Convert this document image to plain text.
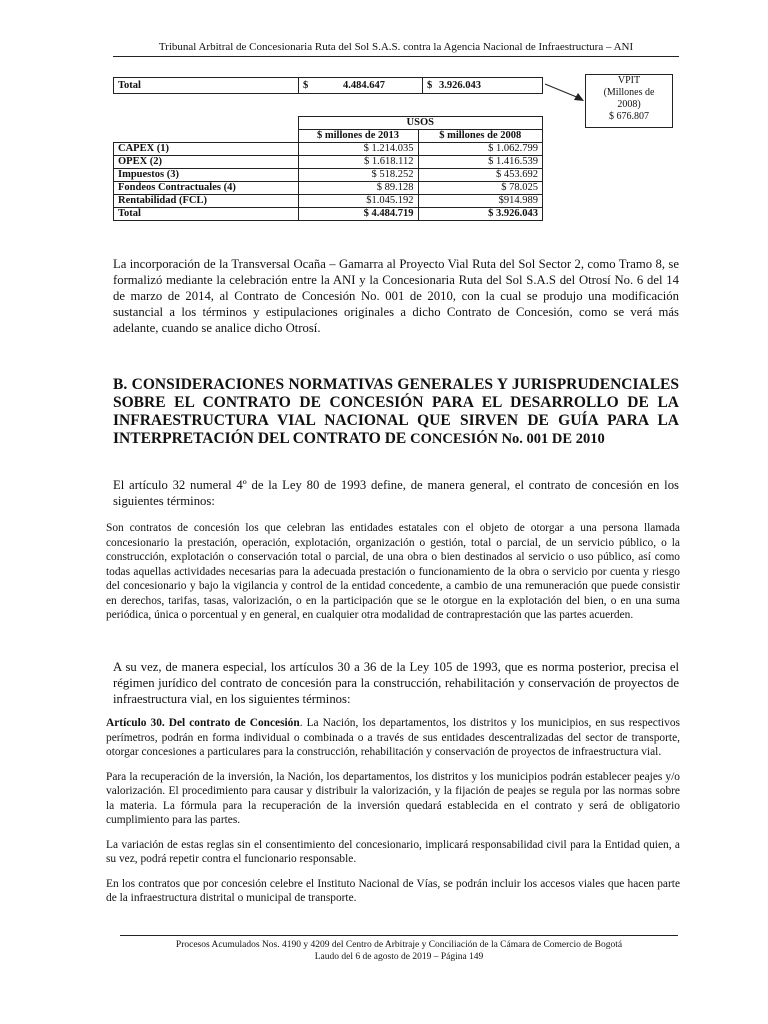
Tribunal Arbitral de Concesionaria Ruta del Sol S.A.S. contra la Agencia Nacional de Infraestructura – ANI
Total	$	4.484.647	$ 3.926.043	VPIT
(Millones de
2008)
$ 676.807
	USOS	
	$ millones de 2013	$ millones de 2008
CAPEX (1)	$ 1.214.035	$ 1.062.799
OPEX (2)	$ 1.618.112	$ 1.416.539
Impuestos (3)	$ 518.252	$ 453.692
Fondeos Contractuales (4)	$ 89.128	$ 78.025
Rentabilidad (FCL)	$1.045.192	$914.989
Total	$ 4.484.719	$ 3.926.043
La incorporación de la Transversal Ocaña – Gamarra al Proyecto Vial Ruta del Sol Sector 2, como Tramo 8, se formalizó mediante la celebración entre la ANI y la Concesionaria Ruta del Sol S.A.S del Otrosí No. 6 del 14 de marzo de 2014, al Contrato de Concesión No. 001 de 2010, con la cual se produjo una modificación sustancial a los términos y estipulaciones originales a dicho Contrato de Concesión, como se verá más adelante, cuando se analice dicho Otrosí.
B. CONSIDERACIONES NORMATIVAS GENERALES Y JURISPRUDENCIALES SOBRE EL CONTRATO DE CONCESIÓN PARA EL DESARROLLO DE LA INFRAESTRUCTURA VIAL NACIONAL QUE SIRVEN DE GUÍA PARA LA INTERPRETACIÓN DEL CONTRATO DE CONCESIÓN No. 001 DE 2010
El artículo 32 numeral 4º de la Ley 80 de 1993 define, de manera general, el contrato de concesión en los siguientes términos:

Son contratos de concesión los que celebran las entidades estatales con el objeto de otorgar a una persona llamada concesionario la prestación, operación, explotación, organización o gestión, total o parcial, de un servicio público, o la construcción, explotación o conservación total o parcial, de una obra o bien destinados al servicio o uso público, así como todas aquellas actividades necesarias para la adecuada prestación o funcionamiento de la obra o servicio por cuenta y riesgo del concesionario y bajo la vigilancia y control de la entidad concedente, a cambio de una remuneración que puede consistir en derechos, tarifas, tasas, valorización, o en la participación que se le otorgue en la explotación del bien, o en una suma periódica, única o porcentual y en general, en cualquier otra modalidad de contraprestación que las partes acuerden.

A su vez, de manera especial, los artículos 30 a 36 de la Ley 105 de 1993, que es norma posterior, precisa el régimen jurídico del contrato de concesión para la construcción, rehabilitación y conservación de proyectos de infraestructura vial, en los siguientes términos:

Artículo 30. Del contrato de Concesión. La Nación, los departamentos, los distritos y los municipios, en sus respectivos perímetros, podrán en forma individual o combinada o a través de sus entidades descentralizadas del sector de transporte, otorgar concesiones a particulares para la construcción, rehabilitación y conservación de proyectos de infraestructura vial.

Para la recuperación de la inversión, la Nación, los departamentos, los distritos y los municipios podrán establecer peajes y/o valorización. El procedimiento para causar y distribuir la valorización, y la fijación de peajes se regula por las normas sobre la materia. La fórmula para la recuperación de la inversión quedará establecida en el contrato y será de obligatorio cumplimiento para las partes.

La variación de estas reglas sin el consentimiento del concesionario, implicará responsabilidad civil para la Entidad quien, a su vez, podrá repetir contra el funcionario responsable.

En los contratos que por concesión celebre el Instituto Nacional de Vías, se podrán incluir los accesos viales que hacen parte de la infraestructura distrital o municipal de transporte.

Procesos Acumulados Nos. 4190 y 4209 del Centro de Arbitraje y Conciliación de la Cámara de Comercio de Bogotá
Laudo del 6 de agosto de 2019 – Página 149
